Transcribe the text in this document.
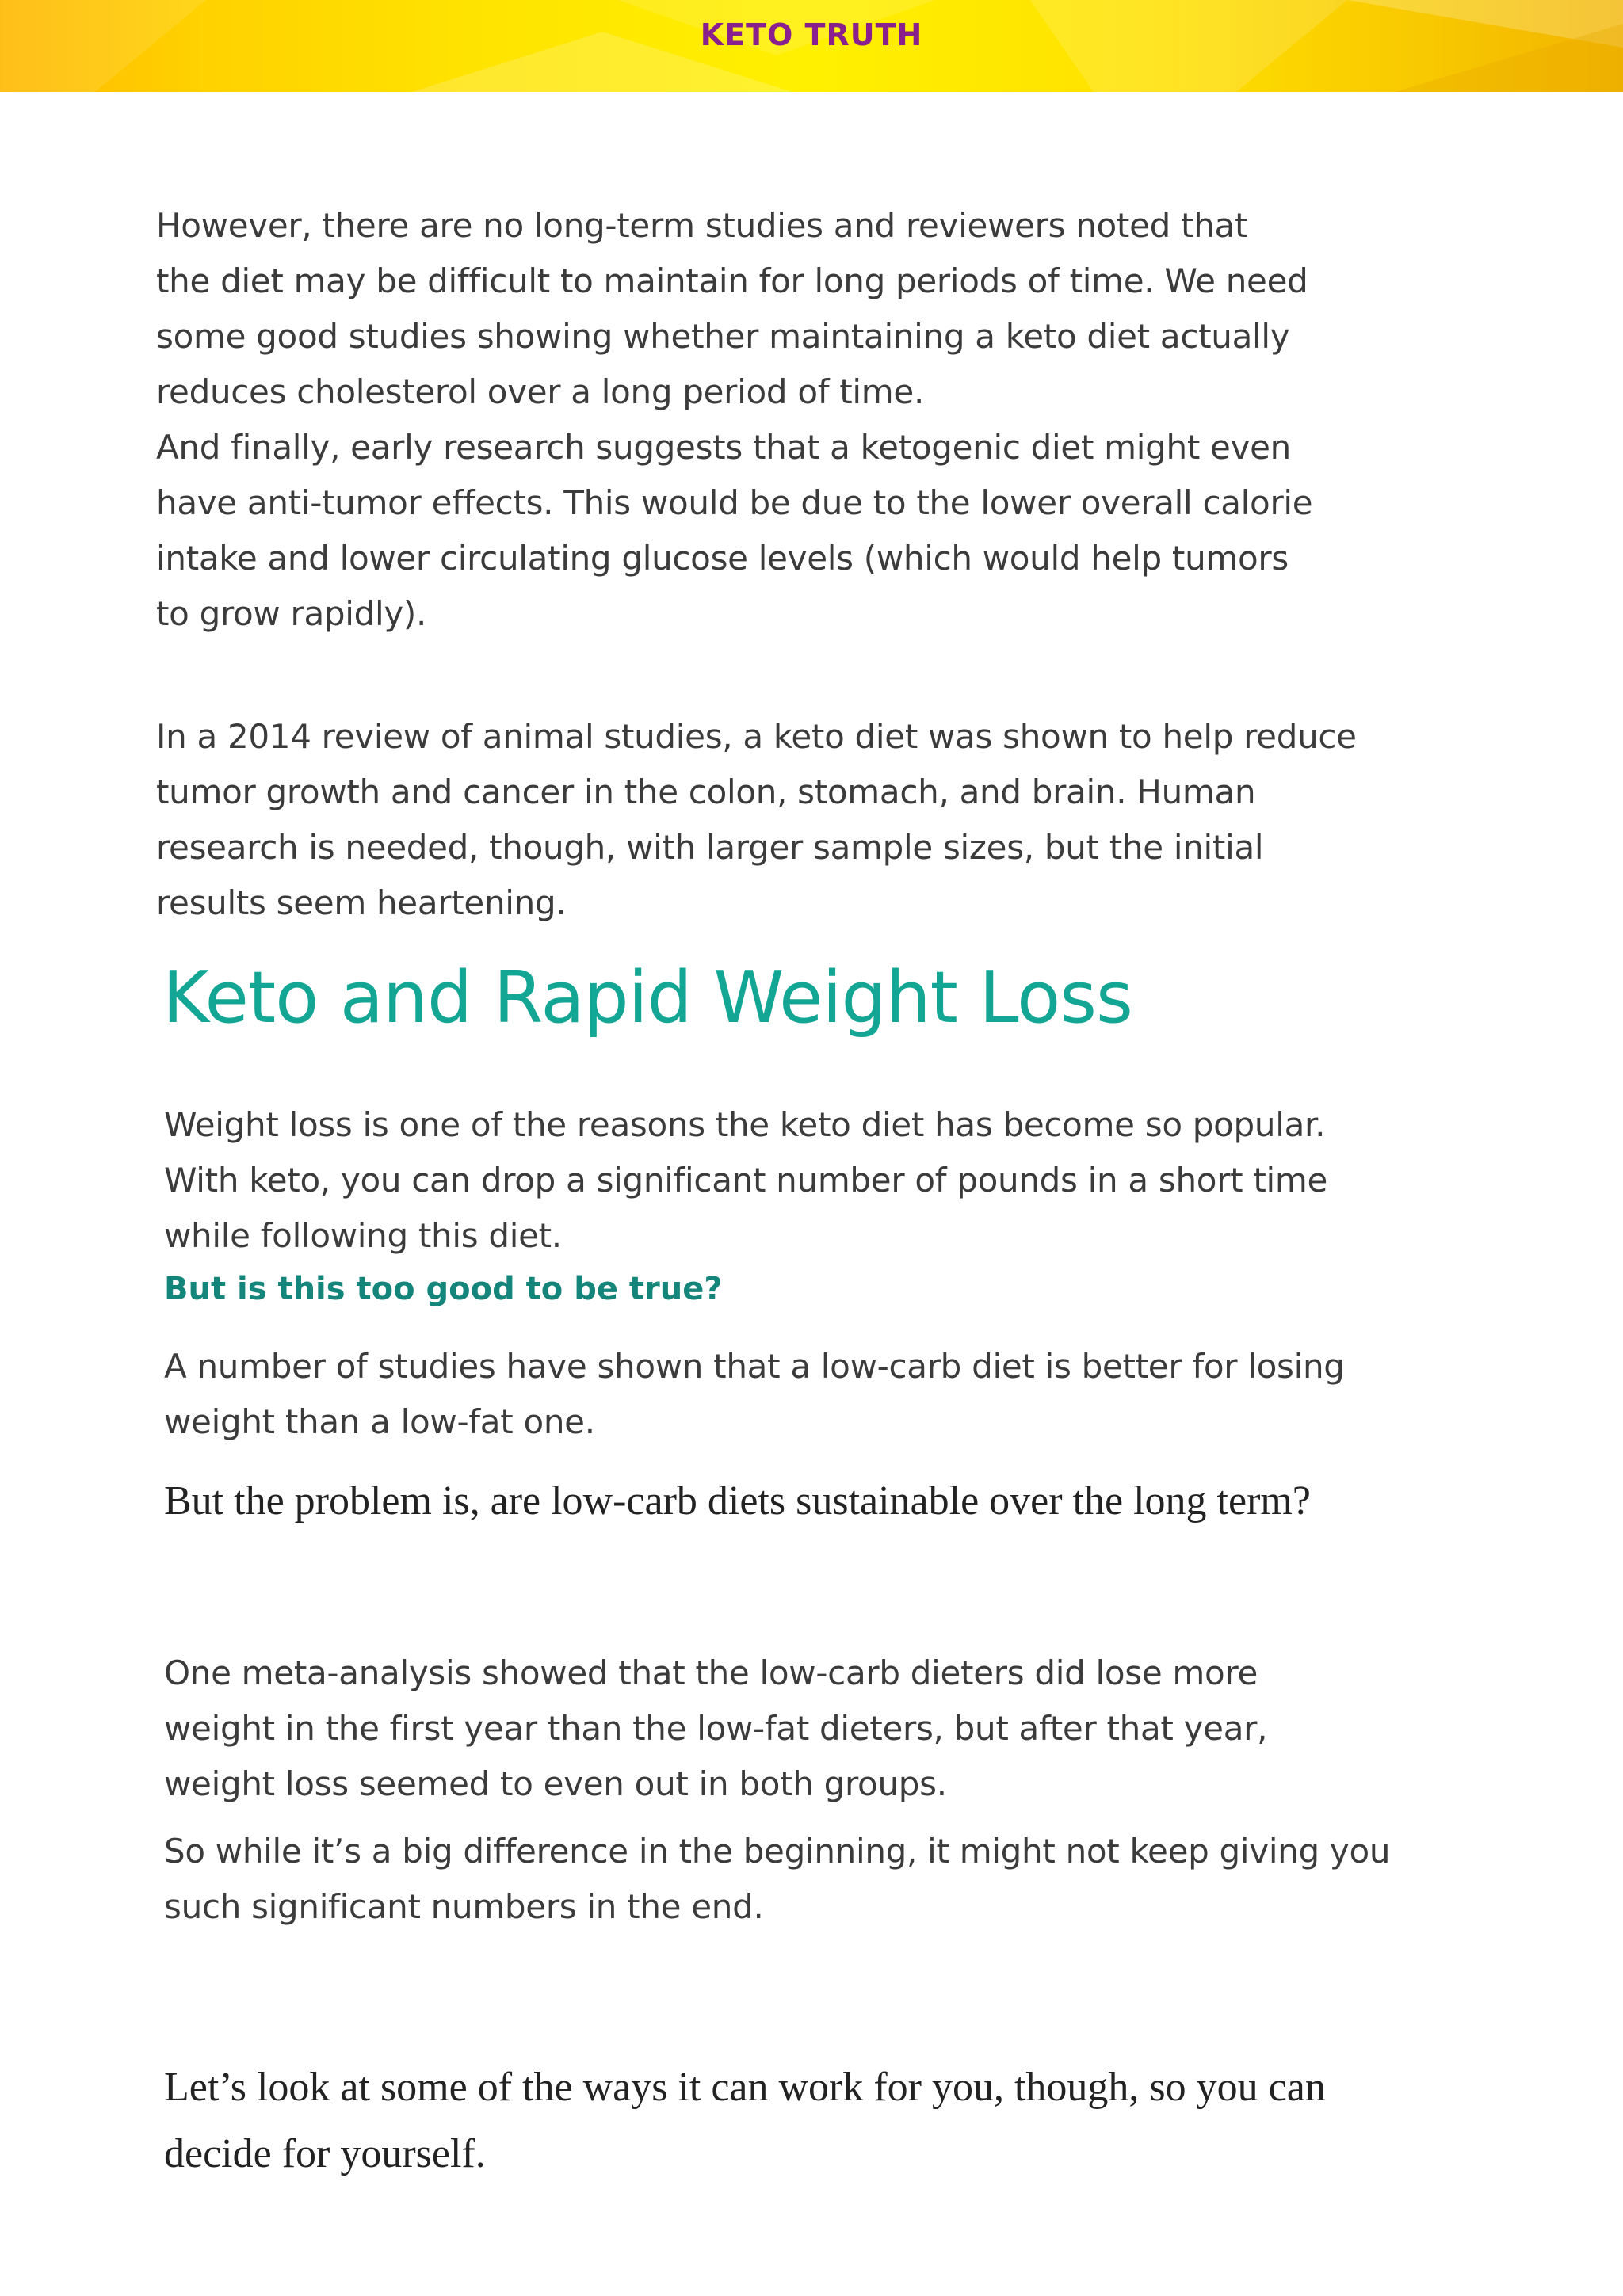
KETO TRUTH

However, there are no long-term studies and reviewers noted that
the diet may be difficult to maintain for long periods of time. We need
some good studies showing whether maintaining a keto diet actually
reduces cholesterol over a long period of time.
And finally, early research suggests that a ketogenic diet might even
have anti-tumor effects. This would be due to the lower overall calorie
intake and lower circulating glucose levels (which would help tumors
to grow rapidly).

In a 2014 review of animal studies, a keto diet was shown to help reduce
tumor growth and cancer in the colon, stomach, and brain. Human
research is needed, though, with larger sample sizes, but the initial
results seem heartening.

Keto and Rapid Weight Loss

Weight loss is one of the reasons the keto diet has become so popular.
With keto, you can drop a significant number of pounds in a short time
while following this diet.

But is this too good to be true?

A number of studies have shown that a low-carb diet is better for losing
weight than a low-fat one.

But the problem is, are low-carb diets sustainable over the long term?

One meta-analysis showed that the low-carb dieters did lose more
weight in the first year than the low-fat dieters, but after that year,
weight loss seemed to even out in both groups.

So while it’s a big difference in the beginning, it might not keep giving you
such significant numbers in the end.

Let’s look at some of the ways it can work for you, though, so you can
decide for yourself.
